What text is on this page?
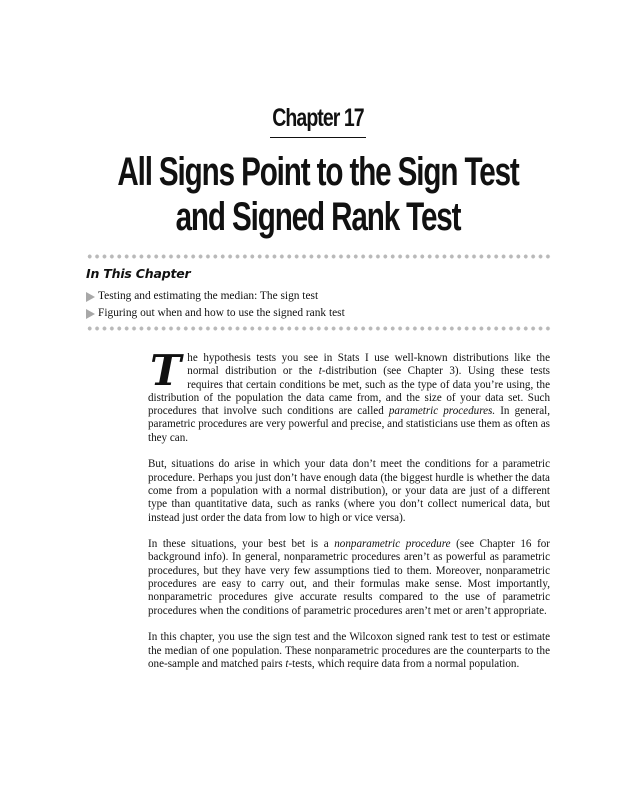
Chapter 17
All Signs Point to the Sign Test
and Signed Rank Test
In This Chapter
Testing and estimating the median: The sign test
Figuring out when and how to use the signed rank test

The hypothesis tests you see in Stats I use well-known distributions like the normal distribution or the t-distribution (see Chapter 3). Using these tests requires that certain conditions be met, such as the type of data you’re using, the distribution of the population the data came from, and the size of your data set. Such procedures that involve such conditions are called parametric procedures. In general, parametric procedures are very powerful and precise, and statisticians use them as often as they can.

But, situations do arise in which your data don’t meet the conditions for a parametric procedure. Perhaps you just don’t have enough data (the biggest hurdle is whether the data come from a population with a normal distribution), or your data are just of a different type than quantitative data, such as ranks (where you don’t collect numerical data, but instead just order the data from low to high or vice versa).

In these situations, your best bet is a nonparametric procedure (see Chapter 16 for background info). In general, nonparametric procedures aren’t as powerful as parametric procedures, but they have very few assumptions tied to them. Moreover, nonparametric procedures are easy to carry out, and their formulas make sense. Most importantly, nonparametric procedures give accurate results compared to the use of parametric procedures when the conditions of parametric procedures aren’t met or aren’t appropriate.

In this chapter, you use the sign test and the Wilcoxon signed rank test to test or estimate the median of one population. These nonparametric procedures are the counterparts to the one-sample and matched pairs t-tests, which require data from a normal population.
